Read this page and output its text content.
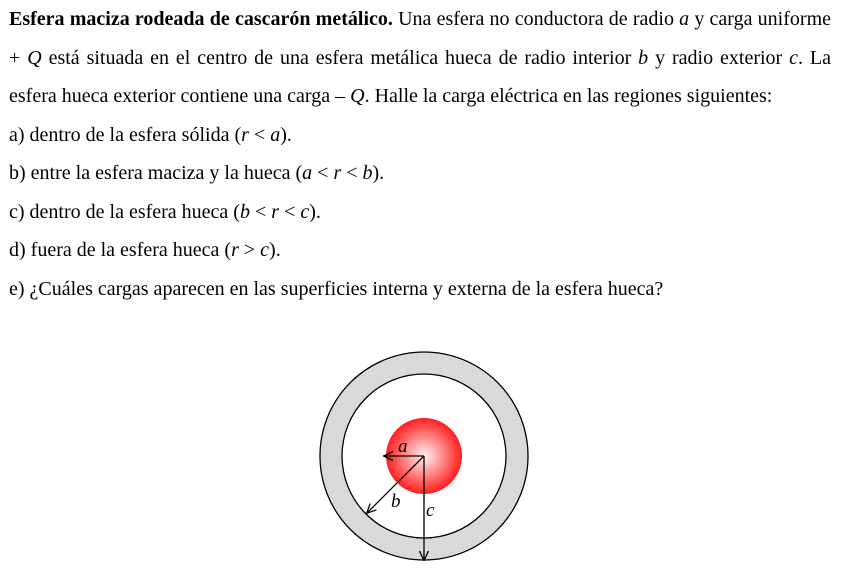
Esfera maciza rodeada de cascarón metálico. Una esfera no conductora de radio a y carga uniforme + Q está situada en el centro de una esfera metálica hueca de radio interior b y radio exterior c. La esfera hueca exterior contiene una carga – Q. Halle la carga eléctrica en las regiones siguientes:

a) dentro de la esfera sólida (r < a).

b) entre la esfera maciza y la hueca (a < r < b).

c) dentro de la esfera hueca (b < r < c).

d) fuera de la esfera hueca (r > c).

e) ¿Cuáles cargas aparecen en las superficies interna y externa de la esfera hueca?

a
b c
